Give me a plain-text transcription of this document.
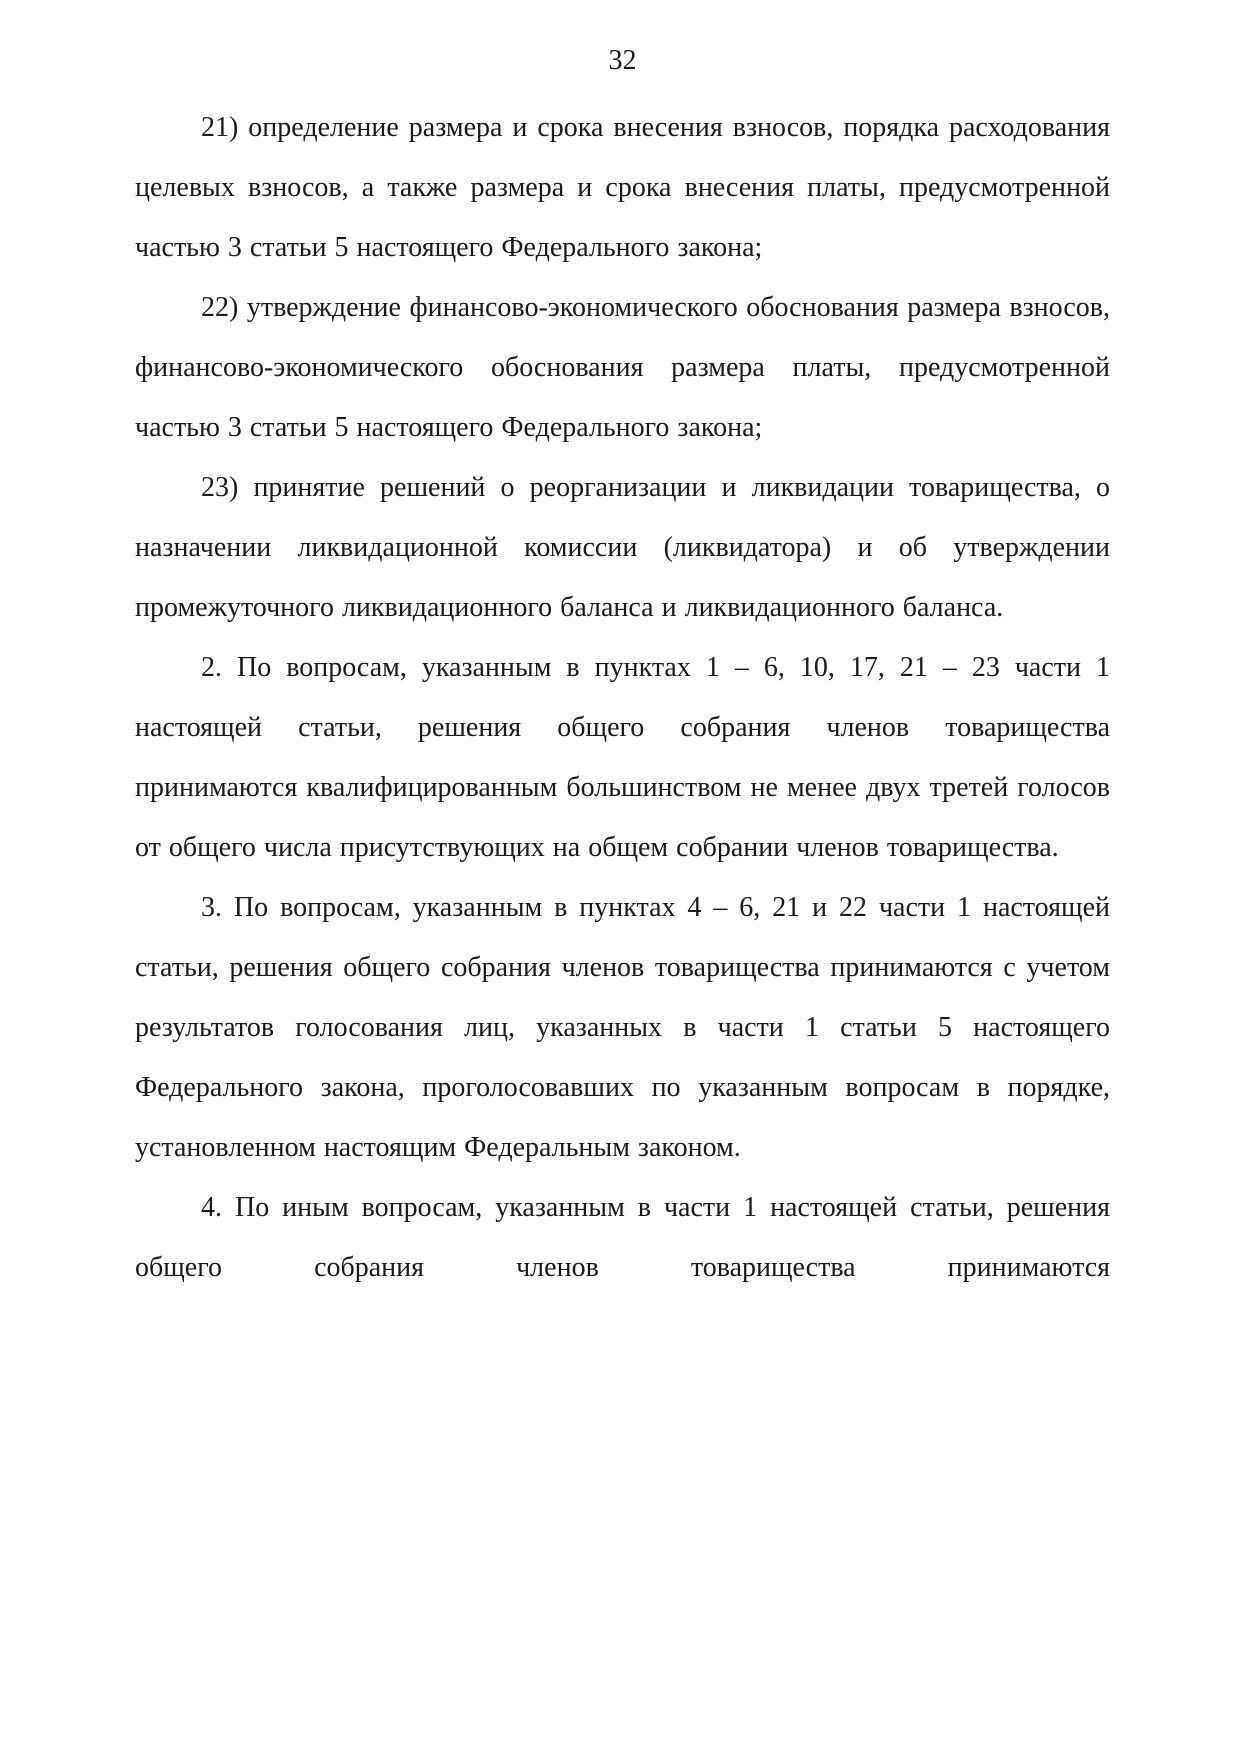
32

21) определение размера и срока внесения взносов, порядка расходования целевых взносов, а также размера и срока внесения платы, предусмотренной частью 3 статьи 5 настоящего Федерального закона;

22) утверждение финансово-экономического обоснования размера взносов, финансово-экономического обоснования размера платы, предусмотренной частью 3 статьи 5 настоящего Федерального закона;

23) принятие решений о реорганизации и ликвидации товарищества, о назначении ликвидационной комиссии (ликвидатора) и об утверждении промежуточного ликвидационного баланса и ликвидационного баланса.

2. По вопросам, указанным в пунктах 1 – 6, 10, 17, 21 – 23 части 1 настоящей статьи, решения общего собрания членов товарищества принимаются квалифицированным большинством не менее двух третей голосов от общего числа присутствующих на общем собрании членов товарищества.

3. По вопросам, указанным в пунктах 4 – 6, 21 и 22 части 1 настоящей статьи, решения общего собрания членов товарищества принимаются с учетом результатов голосования лиц, указанных в части 1 статьи 5 настоящего Федерального закона, проголосовавших по указанным вопросам в порядке, установленном настоящим Федеральным законом.

4. По иным вопросам, указанным в части 1 настоящей статьи, решения общего собрания членов товарищества принимаются
